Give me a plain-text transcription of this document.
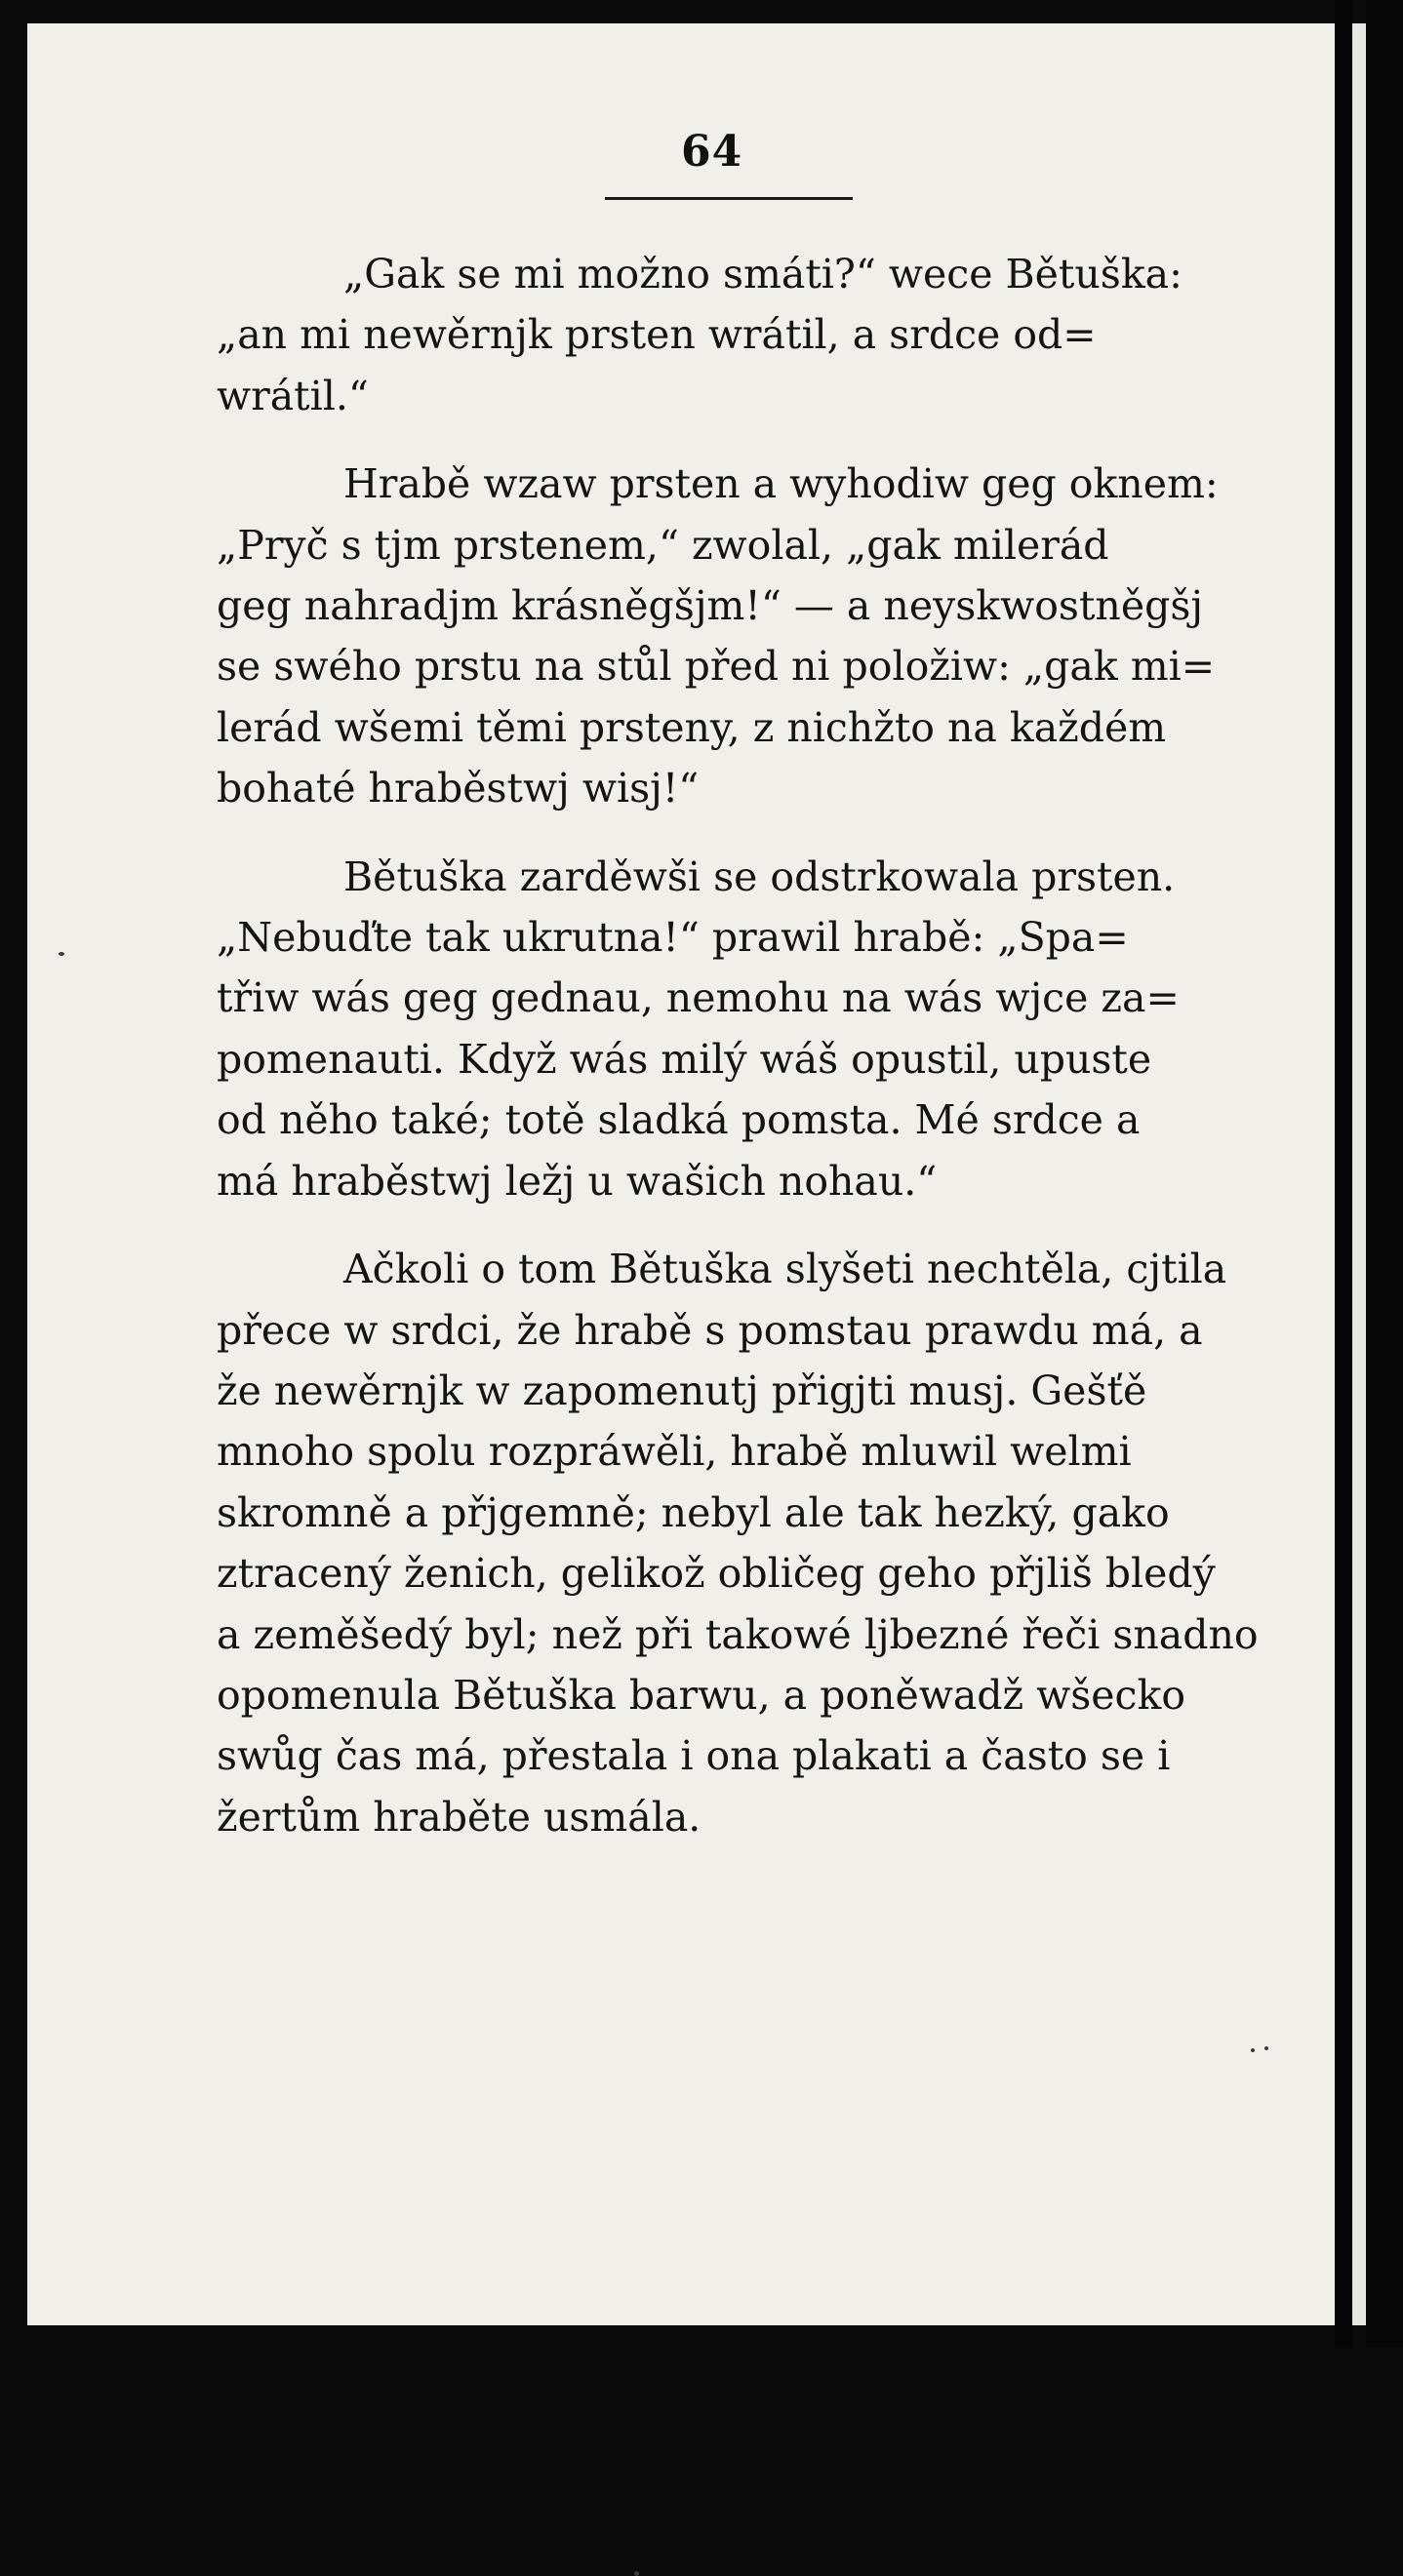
64

„Gak se mi možno smáti?“ wece Bětuška:
„an mi newěrnjk prsten wrátil, a srdce od=
wrátil.“

Hrabě wzaw prsten a wyhodiw geg oknem:
„Pryč s tjm prstenem,“ zwolal, „gak milerád
geg nahradjm krásněgšjm!“ — a neyskwostněgšj
se swého prstu na stůl před ni položiw: „gak mi=
lerád wšemi těmi prsteny, z nichžto na každém
bohaté hraběstwj wisj!“

Bětuška zarděwši se odstrkowala prsten.
„Nebuďte tak ukrutna!“ prawil hrabě: „Spa=
třiw wás geg gednau, nemohu na wás wjce za=
pomenauti. Když wás milý wáš opustil, upuste
od něho také; totě sladká pomsta. Mé srdce a
má hraběstwj ležj u wašich nohau.“

Ačkoli o tom Bětuška slyšeti nechtěla, cjtila
přece w srdci, že hrabě s pomstau prawdu má, a
že newěrnjk w zapomenutj přigjti musj. Gešťě
mnoho spolu rozpráwěli, hrabě mluwil welmi
skromně a přjgemně; nebyl ale tak hezký, gako
ztracený ženich, gelikož obličeg geho přjliš bledý
a zeměšedý byl; než při takowé ljbezné řeči snadno
opomenula Bětuška barwu, a poněwadž wšecko
swůg čas má, přestala i ona plakati a často se i
žertům hraběte usmála.
